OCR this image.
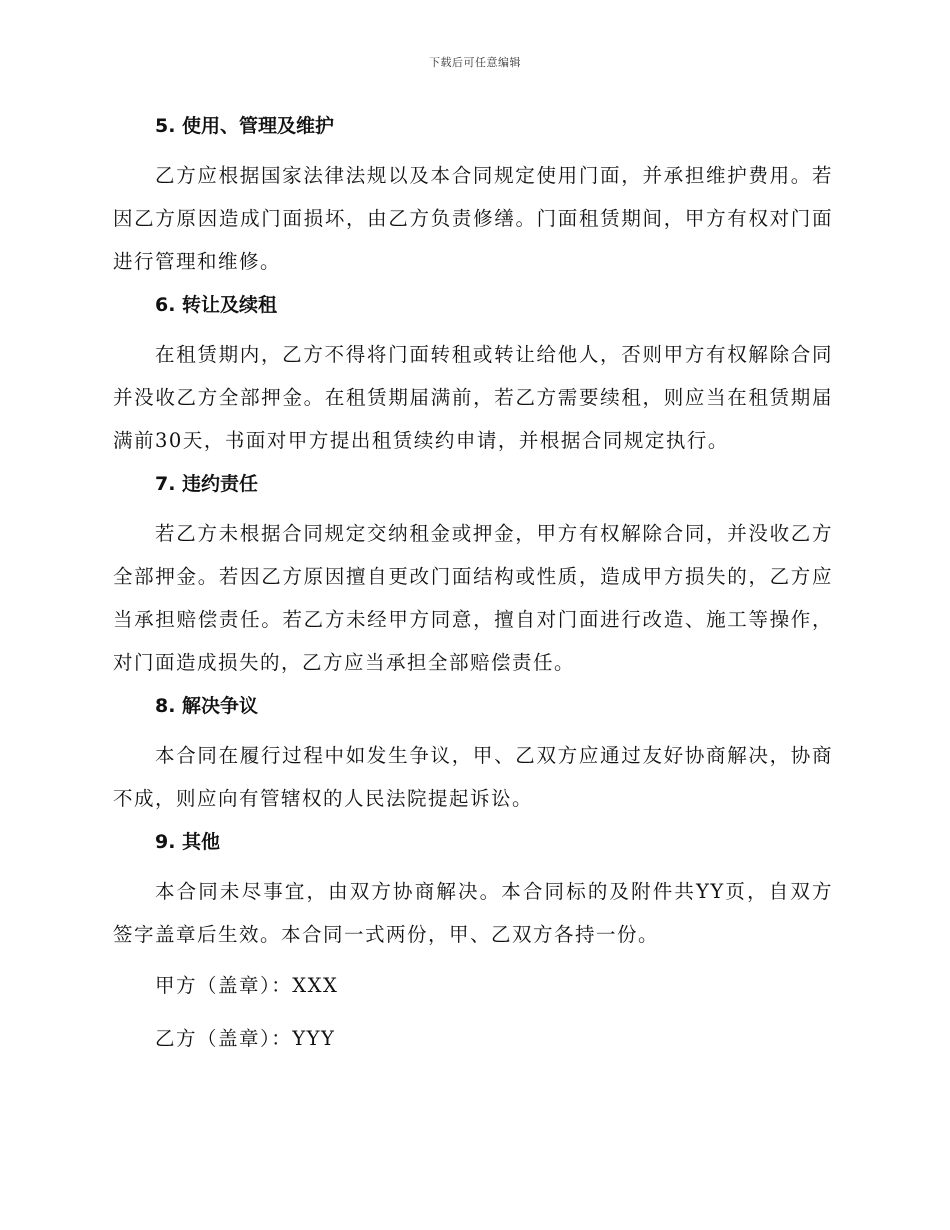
下载后可任意编辑
5. 使用、管理及维护

乙方应根据国家法律法规以及本合同规定使用门面，并承担维护费用。若因乙方原因造成门面损坏，由乙方负责修缮。门面租赁期间，甲方有权对门面进行管理和维修。

6. 转让及续租

在租赁期内，乙方不得将门面转租或转让给他人，否则甲方有权解除合同并没收乙方全部押金。在租赁期届满前，若乙方需要续租，则应当在租赁期届满前30天，书面对甲方提出租赁续约申请，并根据合同规定执行。

7. 违约责任

若乙方未根据合同规定交纳租金或押金，甲方有权解除合同，并没收乙方全部押金。若因乙方原因擅自更改门面结构或性质，造成甲方损失的，乙方应当承担赔偿责任。若乙方未经甲方同意，擅自对门面进行改造、施工等操作，对门面造成损失的，乙方应当承担全部赔偿责任。

8. 解决争议

本合同在履行过程中如发生争议，甲、乙双方应通过友好协商解决，协商不成，则应向有管辖权的人民法院提起诉讼。

9. 其他

本合同未尽事宜，由双方协商解决。本合同标的及附件共YY页，自双方签字盖章后生效。本合同一式两份，甲、乙双方各持一份。

甲方（盖章）：XXX
乙方（盖章）：YYY
